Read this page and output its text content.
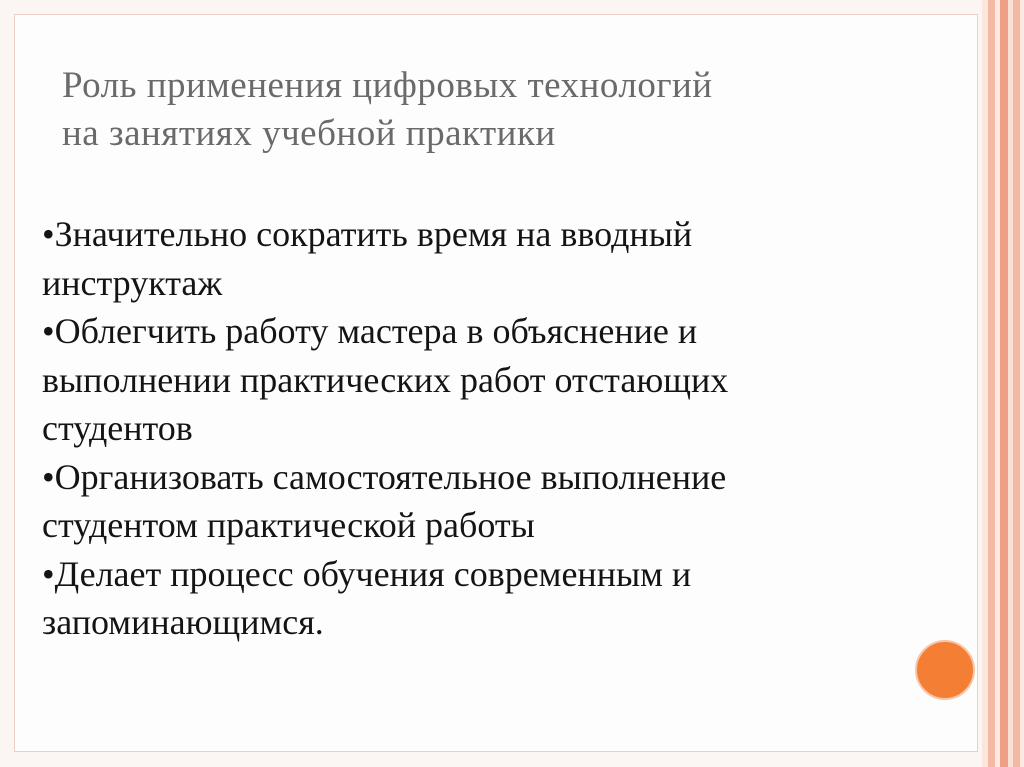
Роль применения цифровых технологий
на занятиях учебной практики
•Значительно сократить время на вводный
инструктаж
•Облегчить работу мастера в объяснение и
выполнении практических работ отстающих
студентов
•Организовать самостоятельное выполнение
студентом практической работы
•Делает процесс обучения современным и
запоминающимся.
